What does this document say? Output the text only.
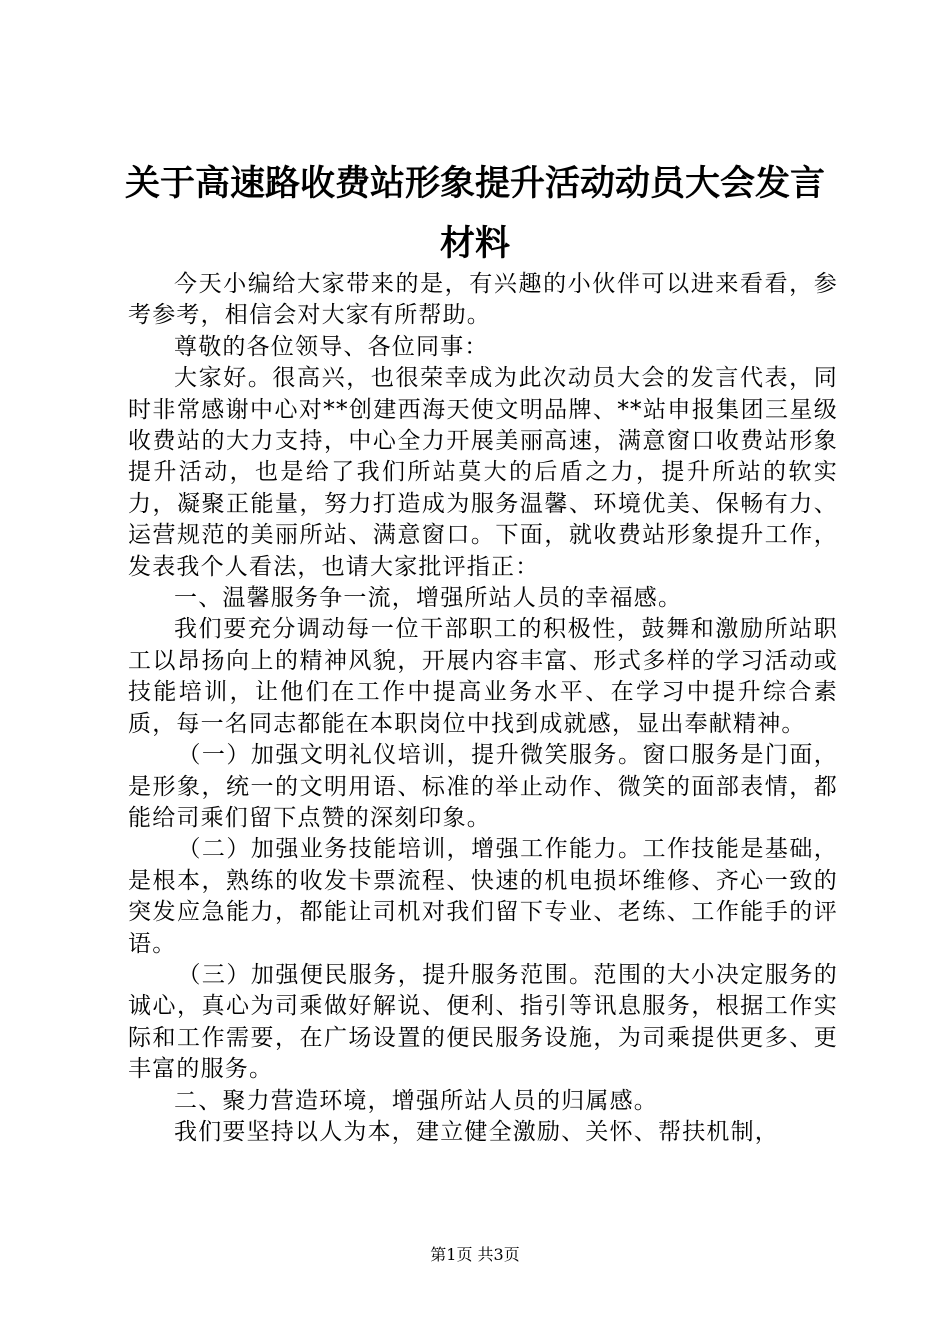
关于高速路收费站形象提升活动动员大会发言
材料

今天小编给大家带来的是，有兴趣的小伙伴可以进来看看，参考参考，相信会对大家有所帮助。

尊敬的各位领导、各位同事：

大家好。很高兴，也很荣幸成为此次动员大会的发言代表，同时非常感谢中心对**创建西海天使文明品牌、**站申报集团三星级收费站的大力支持，中心全力开展美丽高速，满意窗口收费站形象提升活动，也是给了我们所站莫大的后盾之力，提升所站的软实力，凝聚正能量，努力打造成为服务温馨、环境优美、保畅有力、运营规范的美丽所站、满意窗口。下面，就收费站形象提升工作，发表我个人看法，也请大家批评指正：

一、温馨服务争一流，增强所站人员的幸福感。

我们要充分调动每一位干部职工的积极性，鼓舞和激励所站职工以昂扬向上的精神风貌，开展内容丰富、形式多样的学习活动或技能培训，让他们在工作中提高业务水平、在学习中提升综合素质，每一名同志都能在本职岗位中找到成就感，显出奉献精神。

（一）加强文明礼仪培训，提升微笑服务。窗口服务是门面，是形象，统一的文明用语、标准的举止动作、微笑的面部表情，都能给司乘们留下点赞的深刻印象。

（二）加强业务技能培训，增强工作能力。工作技能是基础，是根本，熟练的收发卡票流程、快速的机电损坏维修、齐心一致的突发应急能力，都能让司机对我们留下专业、老练、工作能手的评语。

（三）加强便民服务，提升服务范围。范围的大小决定服务的诚心，真心为司乘做好解说、便利、指引等讯息服务，根据工作实际和工作需要，在广场设置的便民服务设施，为司乘提供更多、更丰富的服务。

二、聚力营造环境，增强所站人员的归属感。

我们要坚持以人为本，建立健全激励、关怀、帮扶机制，

第1页 共3页
